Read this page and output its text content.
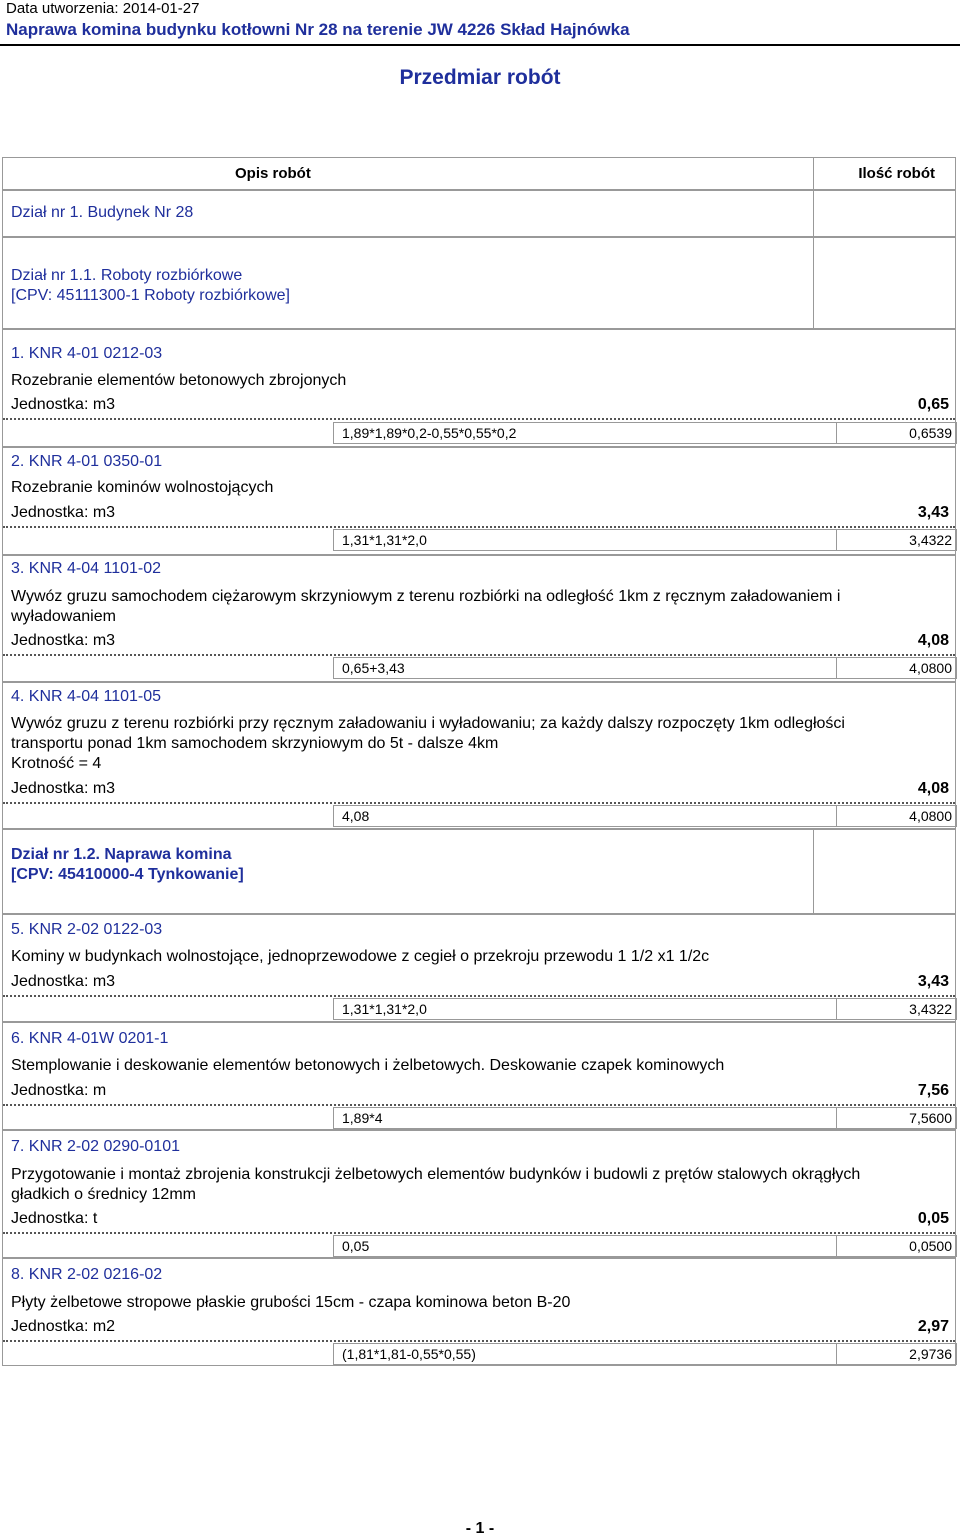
Data utworzenia: 2014-01-27
Naprawa komina budynku kotłowni Nr 28 na terenie JW 4226 Skład Hajnówka
Przedmiar robót
Opis robót	Ilość robót
Dział nr 1. Budynek Nr 28
Dział nr 1.1. Roboty rozbiórkowe
[CPV: 45111300-1 Roboty rozbiórkowe]
1. KNR 4-01 0212-03
Rozebranie elementów betonowych zbrojonych
Jednostka: m3	0,65
1,89*1,89*0,2-0,55*0,55*0,2	0,6539
2. KNR 4-01 0350-01
Rozebranie kominów wolnostojących
Jednostka: m3	3,43
1,31*1,31*2,0	3,4322
3. KNR 4-04 1101-02
Wywóz gruzu samochodem ciężarowym skrzyniowym z terenu rozbiórki na odległość 1km z ręcznym załadowaniem i
wyładowaniem
Jednostka: m3	4,08
0,65+3,43	4,0800
4. KNR 4-04 1101-05
Wywóz gruzu z terenu rozbiórki przy ręcznym załadowaniu i wyładowaniu; za każdy dalszy rozpoczęty 1km odległości
transportu ponad 1km samochodem skrzyniowym do 5t - dalsze 4km
Krotność = 4
Jednostka: m3	4,08
4,08	4,0800
Dział nr 1.2. Naprawa komina
[CPV: 45410000-4 Tynkowanie]
5. KNR 2-02 0122-03
Kominy w budynkach wolnostojące, jednoprzewodowe z cegieł o przekroju przewodu 1 1/2 x1 1/2c
Jednostka: m3	3,43
1,31*1,31*2,0	3,4322
6. KNR 4-01W 0201-1
Stemplowanie i deskowanie elementów betonowych i żelbetowych. Deskowanie czapek kominowych
Jednostka: m	7,56
1,89*4	7,5600
7. KNR 2-02 0290-0101
Przygotowanie i montaż zbrojenia konstrukcji żelbetowych elementów budynków i budowli z prętów stalowych okrągłych
gładkich o średnicy 12mm
Jednostka: t	0,05
0,05	0,0500
8. KNR 2-02 0216-02
Płyty żelbetowe stropowe płaskie grubości 15cm - czapa kominowa beton B-20
Jednostka: m2	2,97
(1,81*1,81-0,55*0,55)	2,9736
- 1 -
